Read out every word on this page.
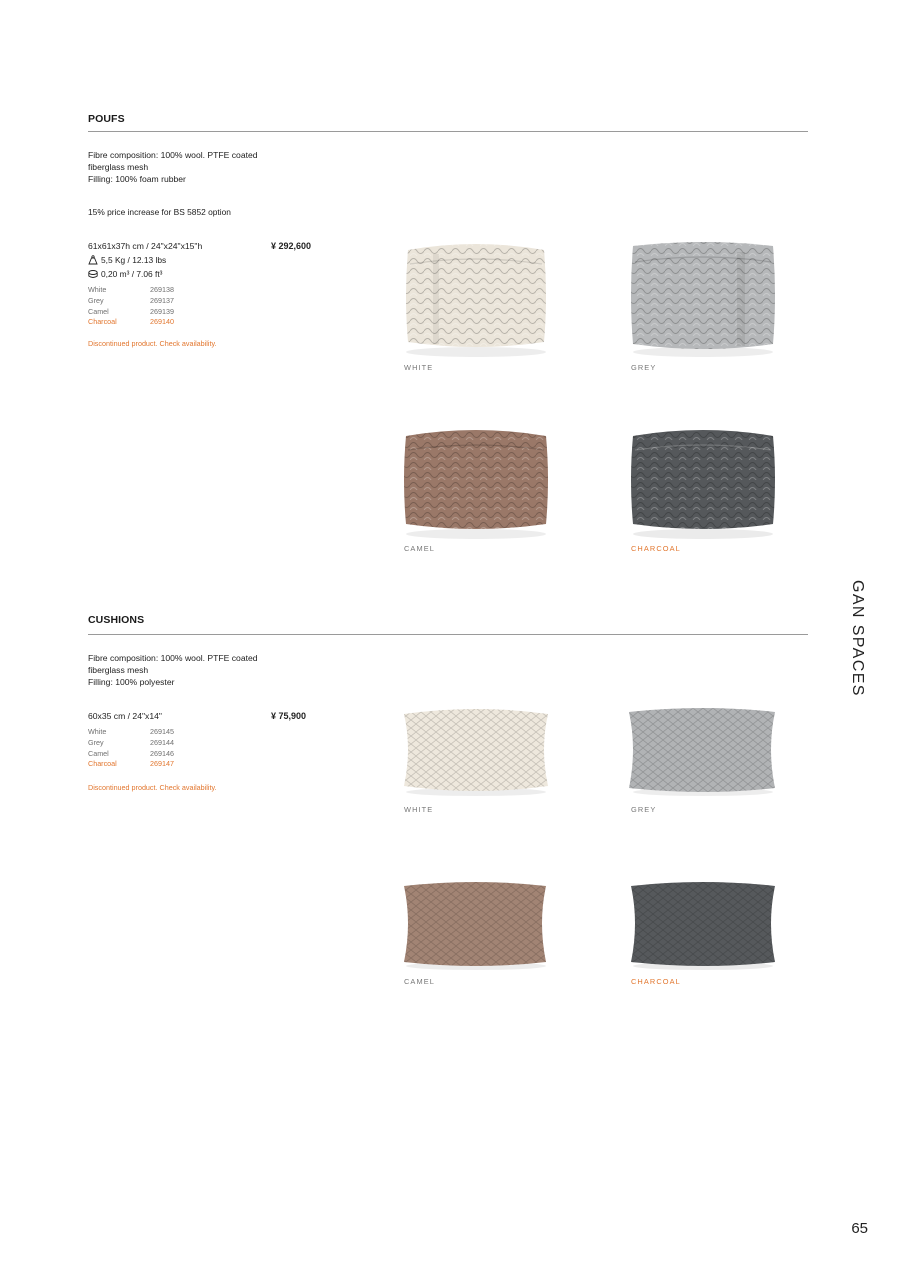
POUFS
Fibre composition: 100% wool. PTFE coated
fiberglass mesh
Filling: 100% foam rubber
15% price increase for BS 5852 option
61x61x37h cm / 24"x24"x15"h	¥ 292,600
5,5 Kg / 12.13 lbs
0,20 m³ / 7.06 ft³
White	269138
Grey	269137
Camel	269139
Charcoal	269140
Discontinued product. Check availability.
WHITE	GREY
CAMEL	CHARCOAL
CUSHIONS
Fibre composition: 100% wool. PTFE coated
fiberglass mesh
Filling: 100% polyester
60x35 cm / 24"x14"	¥ 75,900
White	269145
Grey	269144
Camel	269146
Charcoal	269147
Discontinued product. Check availability.
WHITE	GREY
CAMEL	CHARCOAL
GAN SPACES
65
